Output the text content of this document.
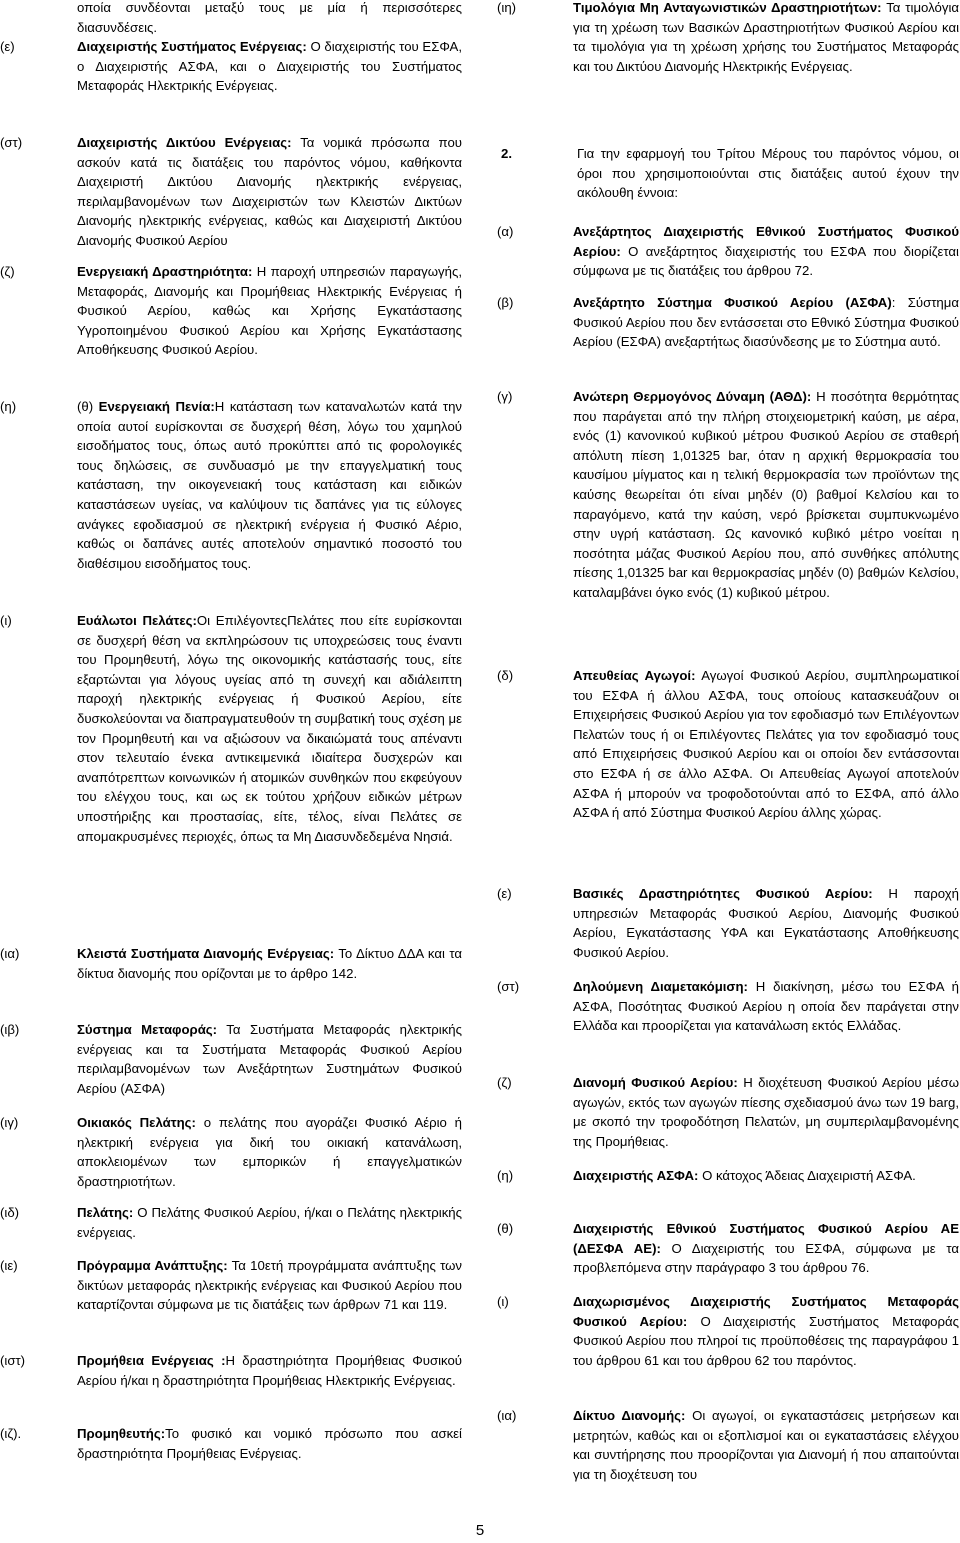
οποία συνδέονται μεταξύ τους με μία ή περισσότερες διασυνδέσεις.

(ε)	Διαχειριστής Συστήματος Ενέργειας: Ο διαχειριστής του ΕΣΦΑ, ο Διαχειριστής ΑΣΦΑ, και ο Διαχειριστής του Συστήματος Μεταφοράς Ηλεκτρικής Ενέργειας.

(στ)	Διαχειριστής Δικτύου Ενέργειας: Τα νομικά πρόσωπα που ασκούν κατά τις διατάξεις του παρόντος νόμου, καθήκοντα Διαχειριστή Δικτύου Διανομής ηλεκτρικής ενέργειας, περιλαμβανομένων των Διαχειριστών των Κλειστών Δικτύων Διανομής ηλεκτρικής ενέργειας, καθώς και Διαχειριστή Δικτύου Διανομής Φυσικού Αερίου

(ζ)	Ενεργειακή Δραστηριότητα: Η παροχή υπηρεσιών παραγωγής, Μεταφοράς, Διανομής και Προμήθειας Ηλεκτρικής Ενέργειας ή Φυσικού Αερίου, καθώς και Χρήσης Εγκατάστασης Υγροποιημένου Φυσικού Αερίου και Χρήσης Εγκατάστασης Αποθήκευσης Φυσικού Αερίου.

(η)	(θ) Ενεργειακή Πενία:Η κατάσταση των καταναλωτών κατά την οποία αυτοί ευρίσκονται σε δυσχερή θέση, λόγω του χαμηλού εισοδήματος τους, όπως αυτό προκύπτει από τις φορολογικές τους δηλώσεις, σε συνδυασμό με την επαγγελματική τους κατάσταση, την οικογενειακή τους κατάσταση και ειδικών καταστάσεων υγείας, να καλύψουν τις δαπάνες για τις εύλογες ανάγκες εφοδιασμού σε ηλεκτρική ενέργεια ή Φυσικό Αέριο, καθώς οι δαπάνες αυτές αποτελούν σημαντικό ποσοστό του διαθέσιμου εισοδήματος τους.

(ι)	Ευάλωτοι Πελάτες:Οι ΕπιλέγοντεςΠελάτες που είτε ευρίσκονται σε δυσχερή θέση να εκπληρώσουν τις υποχρεώσεις τους έναντι του Προμηθευτή, λόγω της οικονομικής κατάστασής τους, είτε εξαρτώνται για λόγους υγείας από τη συνεχή και αδιάλειπτη παροχή ηλεκτρικής ενέργειας ή Φυσικού Αερίου, είτε δυσκολεύονται να διαπραγματευθούν τη συμβατική τους σχέση με τον Προμηθευτή και να αξιώσουν να δικαιώματά τους απέναντι στον τελευταίο ένεκα αντικειμενικά ιδιαίτερα δυσχερών και αναπότρεπτων κοινωνικών ή ατομικών συνθηκών που εκφεύγουν του ελέγχου τους, και ως εκ τούτου χρήζουν ειδικών μέτρων υποστήριξης και προστασίας, είτε, τέλος, είναι Πελάτες σε απομακρυσμένες περιοχές, όπως τα Μη Διασυνδεδεμένα Νησιά.

(ια)	Κλειστά Συστήματα Διανομής Ενέργειας: Το Δίκτυο ΔΔΑ και τα δίκτυα διανομής που ορίζονται με το άρθρο 142.

(ιβ)	Σύστημα Μεταφοράς: Τα Συστήματα Μεταφοράς ηλεκτρικής ενέργειας και τα Συστήματα Μεταφοράς Φυσικού Αερίου περιλαμβανομένων των Ανεξάρτητων Συστημάτων Φυσικού Αερίου (ΑΣΦΑ)

(ιγ)	Οικιακός Πελάτης: ο πελάτης που αγοράζει Φυσικό Αέριο ή ηλεκτρική ενέργεια για δική του οικιακή κατανάλωση, αποκλειομένων των εμπορικών ή επαγγελματικών δραστηριοτήτων.

(ιδ)	Πελάτης: Ο Πελάτης Φυσικού Αερίου, ή/και ο Πελάτης ηλεκτρικής ενέργειας.

(ιε)	Πρόγραμμα Ανάπτυξης: Τα 10ετή προγράμματα ανάπτυξης των δικτύων μεταφοράς ηλεκτρικής ενέργειας και Φυσικού Αερίου που καταρτίζονται σύμφωνα με τις διατάξεις των άρθρων 71 και 119.

(ιστ)	Προμήθεια Ενέργειας :Η δραστηριότητα Προμήθειας Φυσικού Αερίου ή/και η δραστηριότητα Προμήθειας Ηλεκτρικής Ενέργειας.

(ιζ).	Προμηθευτής:Το φυσικό και νομικό πρόσωπο που ασκεί δραστηριότητα Προμήθειας Ενέργειας.

(ιη)	Τιμολόγια Μη Ανταγωνιστικών Δραστηριοτήτων: Τα τιμολόγια για τη χρέωση των Βασικών Δραστηριοτήτων Φυσικού Αερίου και τα τιμολόγια για τη χρέωση χρήσης του Συστήματος Μεταφοράς και του Δικτύου Διανομής Ηλεκτρικής Ενέργειας.

2.	Για την εφαρμογή του Τρίτου Μέρους του παρόντος νόμου, οι όροι που χρησιμοποιούνται στις διατάξεις αυτού έχουν την ακόλουθη έννοια:

(α)	Ανεξάρτητος Διαχειριστής Εθνικού Συστήματος Φυσικού Αερίου: Ο ανεξάρτητος διαχειριστής του ΕΣΦΑ που διορίζεται σύμφωνα με τις διατάξεις του άρθρου 72.

(β)	Ανεξάρτητο Σύστημα Φυσικού Αερίου (ΑΣΦΑ): Σύστημα Φυσικού Αερίου που δεν εντάσσεται στο Εθνικό Σύστημα Φυσικού Αερίου (ΕΣΦΑ) ανεξαρτήτως διασύνδεσης με το Σύστημα αυτό.

(γ)	Ανώτερη Θερμογόνος Δύναμη (ΑΘΔ): Η ποσότητα θερμότητας που παράγεται από την πλήρη στοιχειομετρική καύση, με αέρα, ενός (1) κανονικού κυβικού μέτρου Φυσικού Αερίου σε σταθερή απόλυτη πίεση 1,01325 bar, όταν η αρχική θερμοκρασία του καυσίμου μίγματος και η τελική θερμοκρασία των προϊόντων της καύσης θεωρείται ότι είναι μηδέν (0) βαθμοί Κελσίου και το παραγόμενο, κατά την καύση, νερό βρίσκεται συμπυκνωμένο στην υγρή κατάσταση. Ως κανονικό κυβικό μέτρο νοείται η ποσότητα μάζας Φυσικού Αερίου που, από συνθήκες απόλυτης πίεσης 1,01325 bar και θερμοκρασίας μηδέν (0) βαθμών Κελσίου, καταλαμβάνει όγκο ενός (1) κυβικού μέτρου.

(δ)	Απευθείας Αγωγοί: Αγωγοί Φυσικού Αερίου, συμπληρωματικοί του ΕΣΦΑ ή άλλου ΑΣΦΑ, τους οποίους κατασκευάζουν οι Επιχειρήσεις Φυσικού Αερίου για τον εφοδιασμό των Επιλέγοντων Πελατών τους ή οι Επιλέγοντες Πελάτες για τον εφοδιασμό τους από Επιχειρήσεις Φυσικού Αερίου και οι οποίοι δεν εντάσσονται στο ΕΣΦΑ ή σε άλλο ΑΣΦΑ. Οι Απευθείας Αγωγοί αποτελούν ΑΣΦΑ ή μπορούν να τροφοδοτούνται από το ΕΣΦΑ, από άλλο ΑΣΦΑ ή από Σύστημα Φυσικού Αερίου άλλης χώρας.

(ε)	Βασικές Δραστηριότητες Φυσικού Αερίου: Η παροχή υπηρεσιών Μεταφοράς Φυσικού Αερίου, Διανομής Φυσικού Αερίου, Εγκατάστασης ΥΦΑ και Εγκατάστασης Αποθήκευσης Φυσικού Αερίου.

(στ)	Δηλούμενη Διαμετακόμιση: Η διακίνηση, μέσω του ΕΣΦΑ ή ΑΣΦΑ, Ποσότητας Φυσικού Αερίου η οποία δεν παράγεται στην Ελλάδα και προορίζεται για κατανάλωση εκτός Ελλάδας.

(ζ)	Διανομή Φυσικού Αερίου: Η διοχέτευση Φυσικού Αερίου μέσω αγωγών, εκτός των αγωγών πίεσης σχεδιασμού άνω των 19 barg, με σκοπό την τροφοδότηση Πελατών, μη συμπεριλαμβανομένης της Προμήθειας.

(η)	Διαχειριστής ΑΣΦΑ: Ο κάτοχος Άδειας Διαχειριστή ΑΣΦΑ.

(θ)	Διαχειριστής Εθνικού Συστήματος Φυσικού Αερίου ΑΕ (ΔΕΣΦΑ ΑΕ): Ο Διαχειριστής του ΕΣΦΑ, σύμφωνα με τα προβλεπόμενα στην παράγραφο 3 του άρθρου 76.

(ι)	Διαχωρισμένος Διαχειριστής Συστήματος Μεταφοράς Φυσικού Αερίου: Ο Διαχειριστής Συστήματος Μεταφοράς Φυσικού Αερίου που πληροί τις προϋποθέσεις της παραγράφου 1 του άρθρου 61 και του άρθρου 62 του παρόντος.

(ια)	Δίκτυο Διανομής: Οι αγωγοί, οι εγκαταστάσεις μετρήσεων και μετρητών, καθώς και οι εξοπλισμοί και οι εγκαταστάσεις ελέγχου και συντήρησης που προορίζονται για Διανομή ή που απαιτούνται για τη διοχέτευση του

5
